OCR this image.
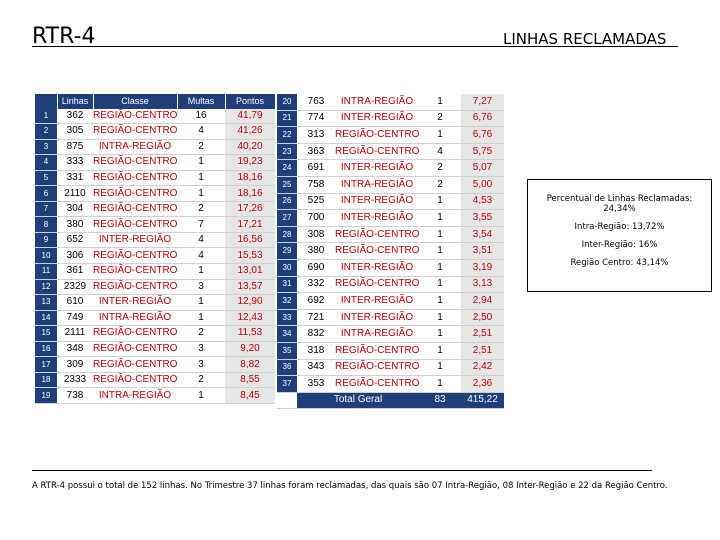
RTR-4	LINHAS RECLAMADAS
	Linhas	Classe	Multas	Pontos
1	362	REGIÃO-CENTRO	16	41,79
2	305	REGIÃO-CENTRO	4	41,26
3	875	INTRA-REGIÃO	2	40,20
4	333	REGIÃO-CENTRO	1	19,23
5	331	REGIÃO-CENTRO	1	18,16
6	2110	REGIÃO-CENTRO	1	18,16
7	304	REGIÃO-CENTRO	2	17,26
8	380	REGIÃO-CENTRO	7	17,21
9	652	INTER-REGIÃO	4	16,56
10	306	REGIÃO-CENTRO	4	15,53
11	361	REGIÃO-CENTRO	1	13,01
12	2329	REGIÃO-CENTRO	3	13,57
13	610	INTER-REGIÃO	1	12,90
14	749	INTRA-REGIÃO	1	12,43
15	2111	REGIÃO-CENTRO	2	11,53
16	348	REGIÃO-CENTRO	3	9,20
17	309	REGIÃO-CENTRO	3	8,82
18	2333	REGIÃO-CENTRO	2	8,55
19	738	INTRA-REGIÃO	1	8,45
20	763	INTRA-REGIÃO	1	7,27
21	774	INTER-REGIÃO	2	6,76
22	313	REGIÃO-CENTRO	1	6,76
23	363	REGIÃO-CENTRO	4	5,75
24	691	INTER-REGIÃO	2	5,07
25	758	INTRA-REGIÃO	2	5,00
26	525	INTER-REGIÃO	1	4,53
27	700	INTER-REGIÃO	1	3,55
28	308	REGIÃO-CENTRO	1	3,54
29	380	REGIÃO-CENTRO	1	3,51
30	690	INTER-REGIÃO	1	3,19
31	332	REGIÃO-CENTRO	1	3,13
32	692	INTER-REGIÃO	1	2,94
33	721	INTER-REGIÃO	1	2,50
34	832	INTRA-REGIÃO	1	2,51
35	318	REGIÃO-CENTRO	1	2,51
36	343	REGIÃO-CENTRO	1	2,42
37	353	REGIÃO-CENTRO	1	2,36
	Total Geral		83	415,22
Percentual de Linhas Reclamadas: 24,34%
Intra-Região: 13,72%
Inter-Região: 16%
Região Centro: 43,14%
A RTR-4 possui o total de 152 linhas. No Trimestre 37 linhas foram reclamadas, das quais são 07 Intra-Região, 08 Inter-Região e 22 da Região Centro.
